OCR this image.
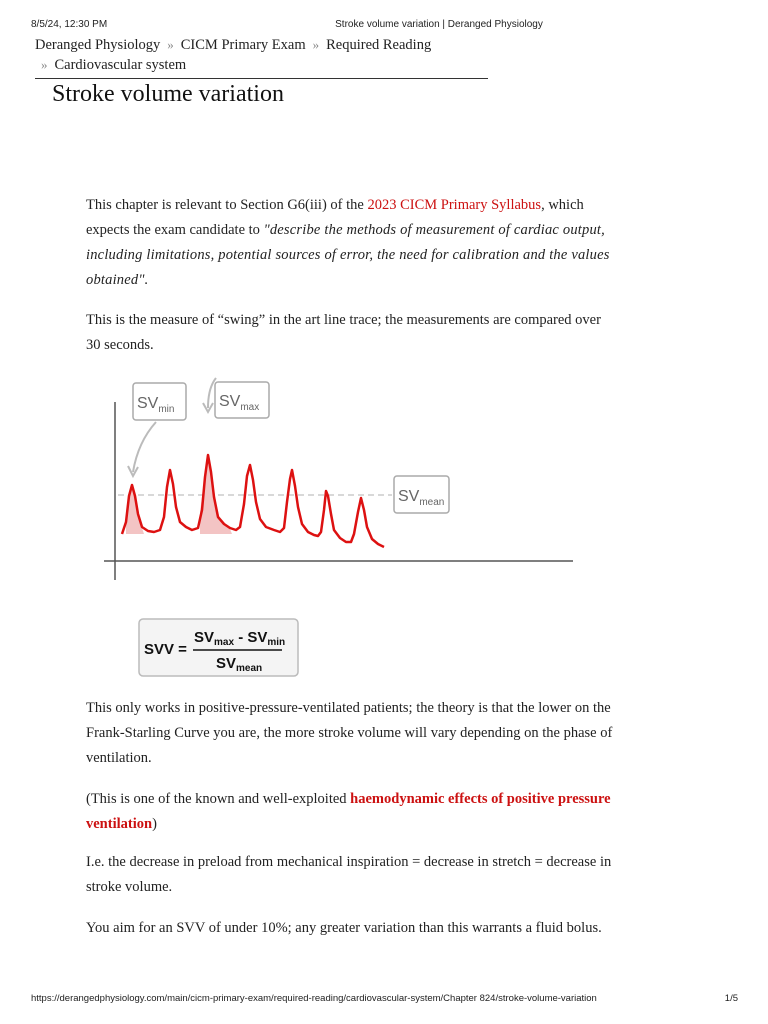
8/5/24, 12:30 PM	Stroke volume variation | Deranged Physiology
Deranged Physiology » CICM Primary Exam » Required Reading
» Cardiovascular system
Stroke volume variation

This chapter is relevant to Section G6(iii) of the 2023 CICM Primary Syllabus, which expects the exam candidate to "describe the methods of measurement of cardiac output, including limitations, potential sources of error, the need for calibration and the values obtained".

This is the measure of “swing” in the art line trace; the measurements are compared over 30 seconds.

$SV_{min}$	$SV_{max}$
$SV_{mean}$
SVV =
$SV_{max} - SV_{min}$
$SV_{mean}$

This only works in positive-pressure-ventilated patients; the theory is that the lower on the Frank-Starling Curve you are, the more stroke volume will vary depending on the phase of ventilation.

(This is one of the known and well-exploited haemodynamic effects of positive pressure ventilation)

I.e. the decrease in preload from mechanical inspiration = decrease in stretch = decrease in stroke volume.

You aim for an SVV of under 10%; any greater variation than this warrants a fluid bolus.

https://derangedphysiology.com/main/cicm-primary-exam/required-reading/cardiovascular-system/Chapter 824/stroke-volume-variation	1/5
